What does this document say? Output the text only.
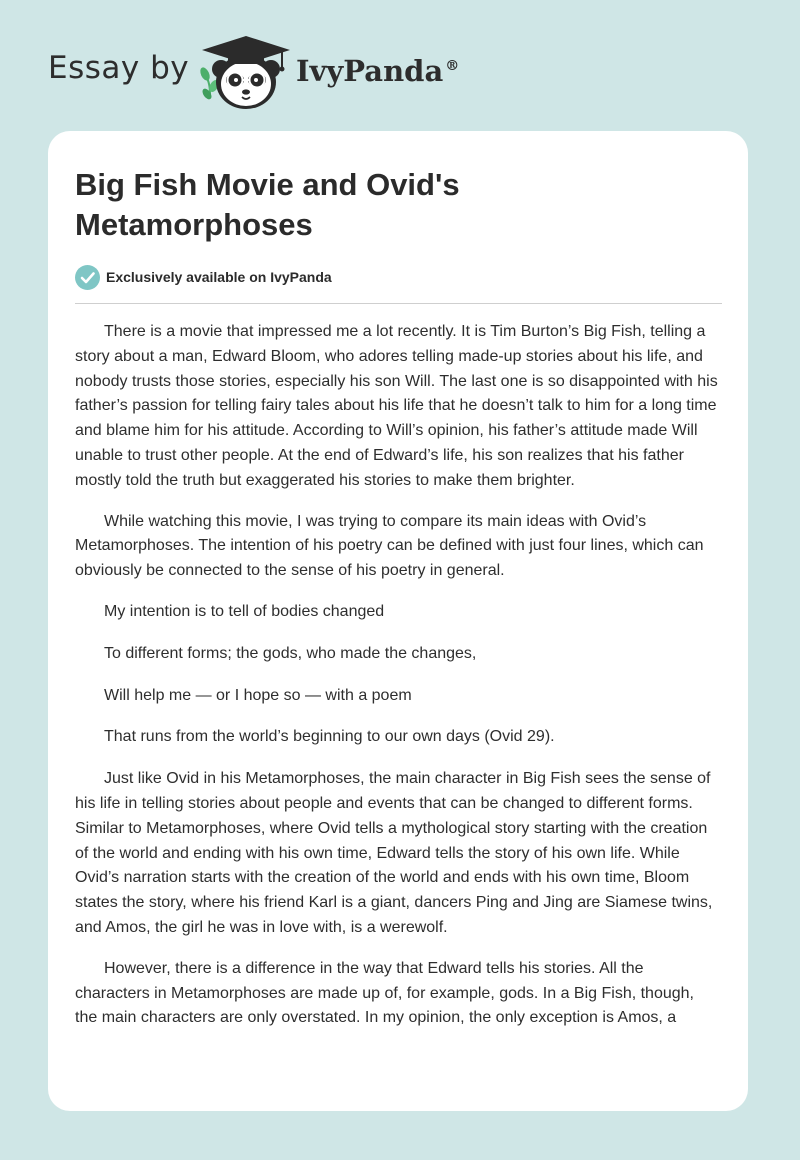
Essay by	IvyPanda ®
Big Fish Movie and Ovid's Metamorphoses
Exclusively available on IvyPanda

There is a movie that impressed me a lot recently. It is Tim Burton’s Big Fish, telling a story about a man, Edward Bloom, who adores telling made-up stories about his life, and nobody trusts those stories, especially his son Will. The last one is so disappointed with his father’s passion for telling fairy tales about his life that he doesn’t talk to him for a long time and blame him for his attitude. According to Will’s opinion, his father’s attitude made Will unable to trust other people. At the end of Edward’s life, his son realizes that his father mostly told the truth but exaggerated his stories to make them brighter.

While watching this movie, I was trying to compare its main ideas with Ovid’s Metamorphoses. The intention of his poetry can be defined with just four lines, which can obviously be connected to the sense of his poetry in general.

My intention is to tell of bodies changed

To different forms; the gods, who made the changes,

Will help me — or I hope so — with a poem

That runs from the world’s beginning to our own days (Ovid 29).

Just like Ovid in his Metamorphoses, the main character in Big Fish sees the sense of his life in telling stories about people and events that can be changed to different forms. Similar to Metamorphoses, where Ovid tells a mythological story starting with the creation of the world and ending with his own time, Edward tells the story of his own life. While Ovid’s narration starts with the creation of the world and ends with his own time, Bloom states the story, where his friend Karl is a giant, dancers Ping and Jing are Siamese twins, and Amos, the girl he was in love with, is a werewolf.

However, there is a difference in the way that Edward tells his stories. All the characters in Metamorphoses are made up of, for example, gods. In a Big Fish, though, the main characters are only overstated. In my opinion, the only exception is Amos, a
